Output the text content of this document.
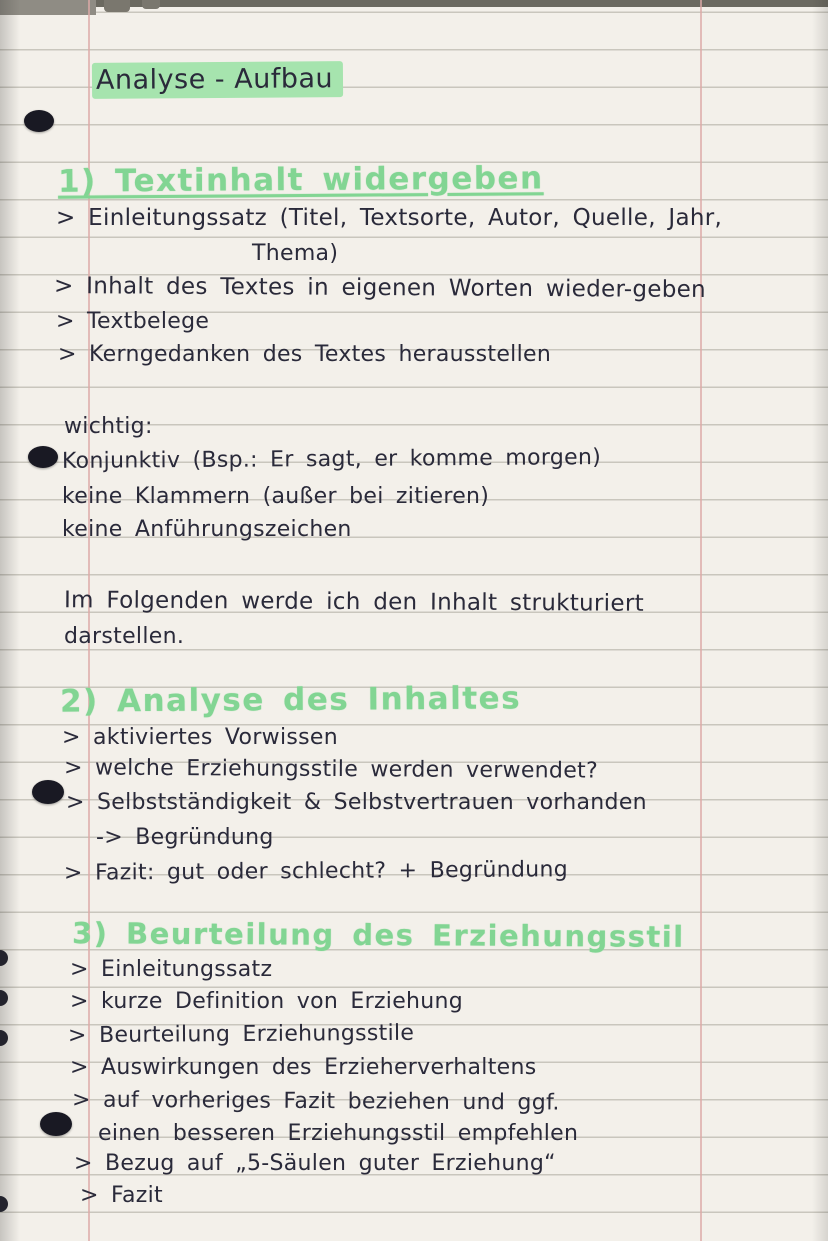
Analyse - Aufbau
1) Textinhalt widergeben
> Einleitungssatz (Titel, Textsorte, Autor, Quelle, Jahr,
Thema)
> Inhalt des Textes in eigenen Worten wieder-geben
> Textbelege
> Kerngedanken des Textes herausstellen
wichtig:
Konjunktiv (Bsp.: Er sagt, er komme morgen)
keine Klammern (außer bei zitieren)
keine Anführungszeichen
Im Folgenden werde ich den Inhalt strukturiert
darstellen.
2) Analyse des Inhaltes
> aktiviertes Vorwissen
> welche Erziehungsstile werden verwendet?
> Selbstständigkeit & Selbstvertrauen vorhanden
-> Begründung
> Fazit: gut oder schlecht? + Begründung
3) Beurteilung des Erziehungsstil
> Einleitungssatz
> kurze Definition von Erziehung
> Beurteilung Erziehungsstile
> Auswirkungen des Erzieherverhaltens
> auf vorheriges Fazit beziehen und ggf.
einen besseren Erziehungsstil empfehlen
> Bezug auf „5-Säulen guter Erziehung“
> Fazit
